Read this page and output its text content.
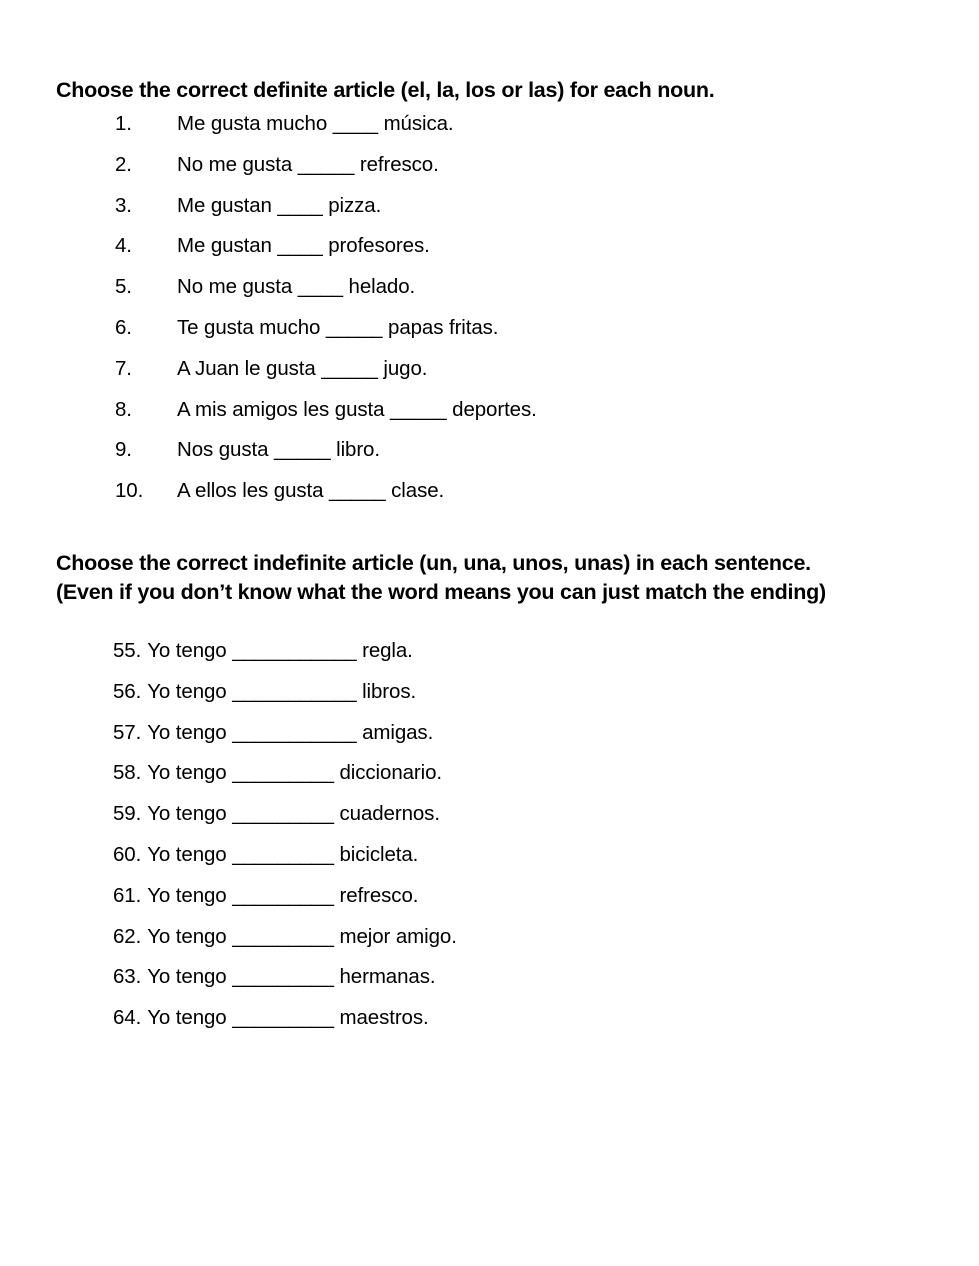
Choose the correct definite article (el, la, los or las) for each noun.
1.	Me gusta mucho ____ música.
2.	No me gusta _____ refresco.
3.	Me gustan ____ pizza.
4.	Me gustan ____ profesores.
5.	No me gusta ____ helado.
6.	Te gusta mucho _____ papas fritas.
7.	A Juan le gusta _____ jugo.
8.	A mis amigos les gusta _____ deportes.
9.	Nos gusta _____ libro.
10.	A ellos les gusta _____ clase.
Choose the correct indefinite article (un, una, unos, unas) in each sentence.
(Even if you don’t know what the word means you can just match the ending)
55. Yo tengo ___________ regla.
56. Yo tengo ___________ libros.
57. Yo tengo ___________ amigas.
58. Yo tengo _________ diccionario.
59. Yo tengo _________ cuadernos.
60. Yo tengo _________ bicicleta.
61. Yo tengo _________ refresco.
62. Yo tengo _________ mejor amigo.
63. Yo tengo _________ hermanas.
64. Yo tengo _________ maestros.
